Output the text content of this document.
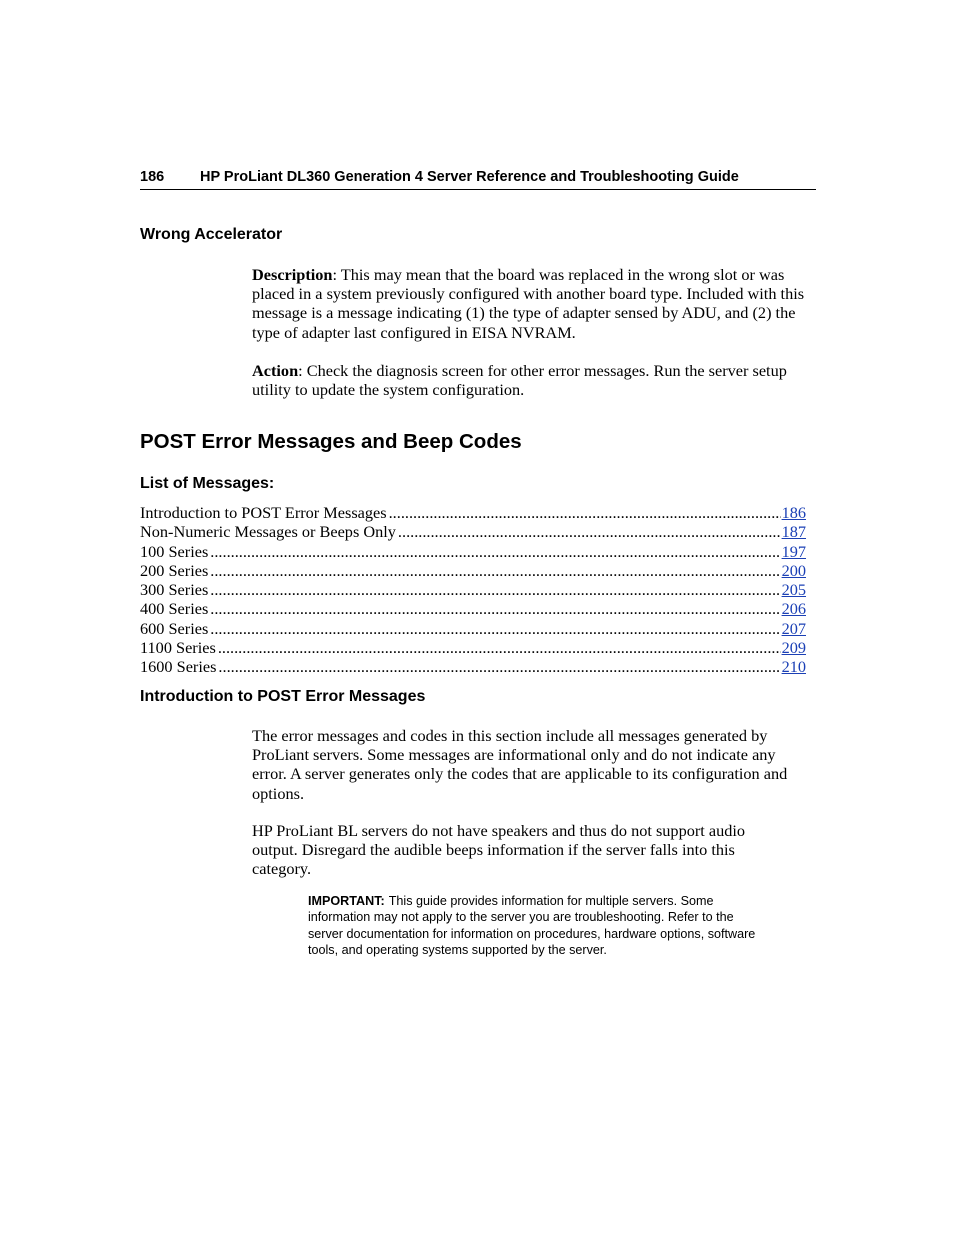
186 HP ProLiant DL360 Generation 4 Server Reference and Troubleshooting Guide
Wrong Accelerator
Description: This may mean that the board was replaced in the wrong slot or was placed in a system previously configured with another board type. Included with this message is a message indicating (1) the type of adapter sensed by ADU, and (2) the type of adapter last configured in EISA NVRAM.
Action: Check the diagnosis screen for other error messages. Run the server setup utility to update the system configuration.
POST Error Messages and Beep Codes
List of Messages:
Introduction to POST Error Messages .....	186
Non-Numeric Messages or Beeps Only .....	187
100 Series .....	197
200 Series .....	200
300 Series .....	205
400 Series .....	206
600 Series .....	207
1100 Series .....	209
1600 Series .....	210
Introduction to POST Error Messages
The error messages and codes in this section include all messages generated by ProLiant servers. Some messages are informational only and do not indicate any error. A server generates only the codes that are applicable to its configuration and options.
HP ProLiant BL servers do not have speakers and thus do not support audio output. Disregard the audible beeps information if the server falls into this category.
IMPORTANT: This guide provides information for multiple servers. Some information may not apply to the server you are troubleshooting. Refer to the server documentation for information on procedures, hardware options, software tools, and operating systems supported by the server.
